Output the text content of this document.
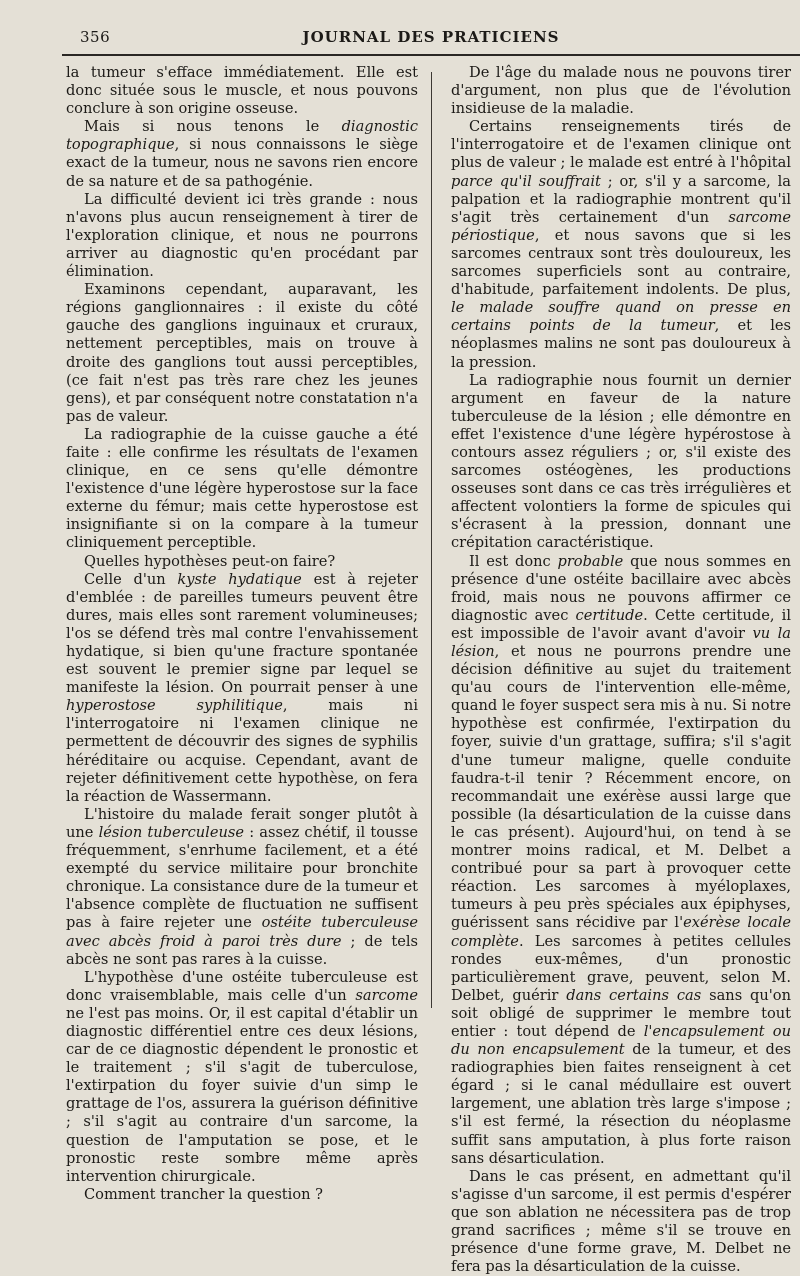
356	JOURNAL DES PRATICIENS

la tumeur s'efface immédiatement. Elle est donc située sous le muscle, et nous pouvons conclure à son origine osseuse.

Mais si nous tenons le diagnostic topographique, si nous connaissons le siège exact de la tumeur, nous ne savons rien encore de sa nature et de sa pathogénie.

La difficulté devient ici très grande : nous n'avons plus aucun renseignement à tirer de l'exploration clinique, et nous ne pourrons arriver au diagnostic qu'en procédant par élimination.

Examinons cependant, auparavant, les régions ganglionnaires : il existe du côté gauche des ganglions inguinaux et cruraux, nettement perceptibles, mais on trouve à droite des ganglions tout aussi perceptibles, (ce fait n'est pas très rare chez les jeunes gens), et par conséquent notre constatation n'a pas de valeur.

La radiographie de la cuisse gauche a été faite : elle confirme les résultats de l'examen clinique, en ce sens qu'elle démontre l'existence d'une légère hyperostose sur la face externe du fémur; mais cette hyperostose est insignifiante si on la compare à la tumeur cliniquement perceptible.

Quelles hypothèses peut-on faire?

Celle d'un kyste hydatique est à rejeter d'emblée : de pareilles tumeurs peuvent être dures, mais elles sont rarement volumineuses; l'os se défend très mal contre l'envahissement hydatique, si bien qu'une fracture spontanée est souvent le premier signe par lequel se manifeste la lésion. On pourrait penser à une hyperostose syphilitique, mais ni l'interrogatoire ni l'examen clinique ne permettent de découvrir des signes de syphilis héréditaire ou acquise. Cependant, avant de rejeter définitivement cette hypothèse, on fera la réaction de Wassermann.

L'histoire du malade ferait songer plutôt à une lésion tuberculeuse : assez chétif, il tousse fréquemment, s'enrhume facilement, et a été exempté du service militaire pour bronchite chronique. La consistance dure de la tumeur et l'absence complète de fluctuation ne suffisent pas à faire rejeter une ostéite tuberculeuse avec abcès froid à paroi très dure ; de tels abcès ne sont pas rares à la cuisse.

L'hypothèse d'une ostéite tuberculeuse est donc vraisemblable, mais celle d'un sarcome ne l'est pas moins. Or, il est capital d'établir un diagnostic différentiel entre ces deux lésions, car de ce diagnostic dépendent le pronostic et le traitement ; s'il s'agit de tuberculose, l'extirpation du foyer suivie d'un simp le grattage de l'os, assurera la guérison définitive ; s'il s'agit au contraire d'un sarcome, la question de l'amputation se pose, et le pronostic reste sombre même après intervention chirurgicale.

Comment trancher la question ?

De l'âge du malade nous ne pouvons tirer d'argument, non plus que de l'évolution insidieuse de la maladie.

Certains renseignements tirés de l'interrogatoire et de l'examen clinique ont plus de valeur ; le malade est entré à l'hôpital parce qu'il souffrait ; or, s'il y a sarcome, la palpation et la radiographie montrent qu'il s'agit très certainement d'un sarcome périostique, et nous savons que si les sarcomes centraux sont très douloureux, les sarcomes superficiels sont au contraire, d'habitude, parfaitement indolents. De plus, le malade souffre quand on presse en certains points de la tumeur, et les néoplasmes malins ne sont pas douloureux à la pression.

La radiographie nous fournit un dernier argument en faveur de la nature tuberculeuse de la lésion ; elle démontre en effet l'existence d'une légère hypérostose à contours assez réguliers ; or, s'il existe des sarcomes ostéogènes, les productions osseuses sont dans ce cas très irrégulières et affectent volontiers la forme de spicules qui s'écrasent à la pression, donnant une crépitation caractéristique.

Il est donc probable que nous sommes en présence d'une ostéite bacillaire avec abcès froid, mais nous ne pouvons affirmer ce diagnostic avec certitude. Cette certitude, il est impossible de l'avoir avant d'avoir vu la lésion, et nous ne pourrons prendre une décision définitive au sujet du traitement qu'au cours de l'intervention elle-même, quand le foyer suspect sera mis à nu. Si notre hypothèse est confirmée, l'extirpation du foyer, suivie d'un grattage, suffira; s'il s'agit d'une tumeur maligne, quelle conduite faudra-t-il tenir ? Récemment encore, on recommandait une exérèse aussi large que possible (la désarticulation de la cuisse dans le cas présent). Aujourd'hui, on tend à se montrer moins radical, et M. Delbet a contribué pour sa part à provoquer cette réaction. Les sarcomes à myéloplaxes, tumeurs à peu près spéciales aux épiphyses, guérissent sans récidive par l'exérèse locale complète. Les sarcomes à petites cellules rondes eux-mêmes, d'un pronostic particulièrement grave, peuvent, selon M. Delbet, guérir dans certains cas sans qu'on soit obligé de supprimer le membre tout entier : tout dépend de l'encapsulement ou du non encapsulement de la tumeur, et des radiographies bien faites renseignent à cet égard ; si le canal médullaire est ouvert largement, une ablation très large s'impose ; s'il est fermé, la résection du néoplasme suffit sans amputation, à plus forte raison sans désarticulation.

Dans le cas présent, en admettant qu'il s'agisse d'un sarcome, il est permis d'espérer que son ablation ne nécessitera pas de trop grand sacrifices ; même s'il se trouve en présence d'une forme grave, M. Delbet ne fera pas la désarticulation de la cuisse.
